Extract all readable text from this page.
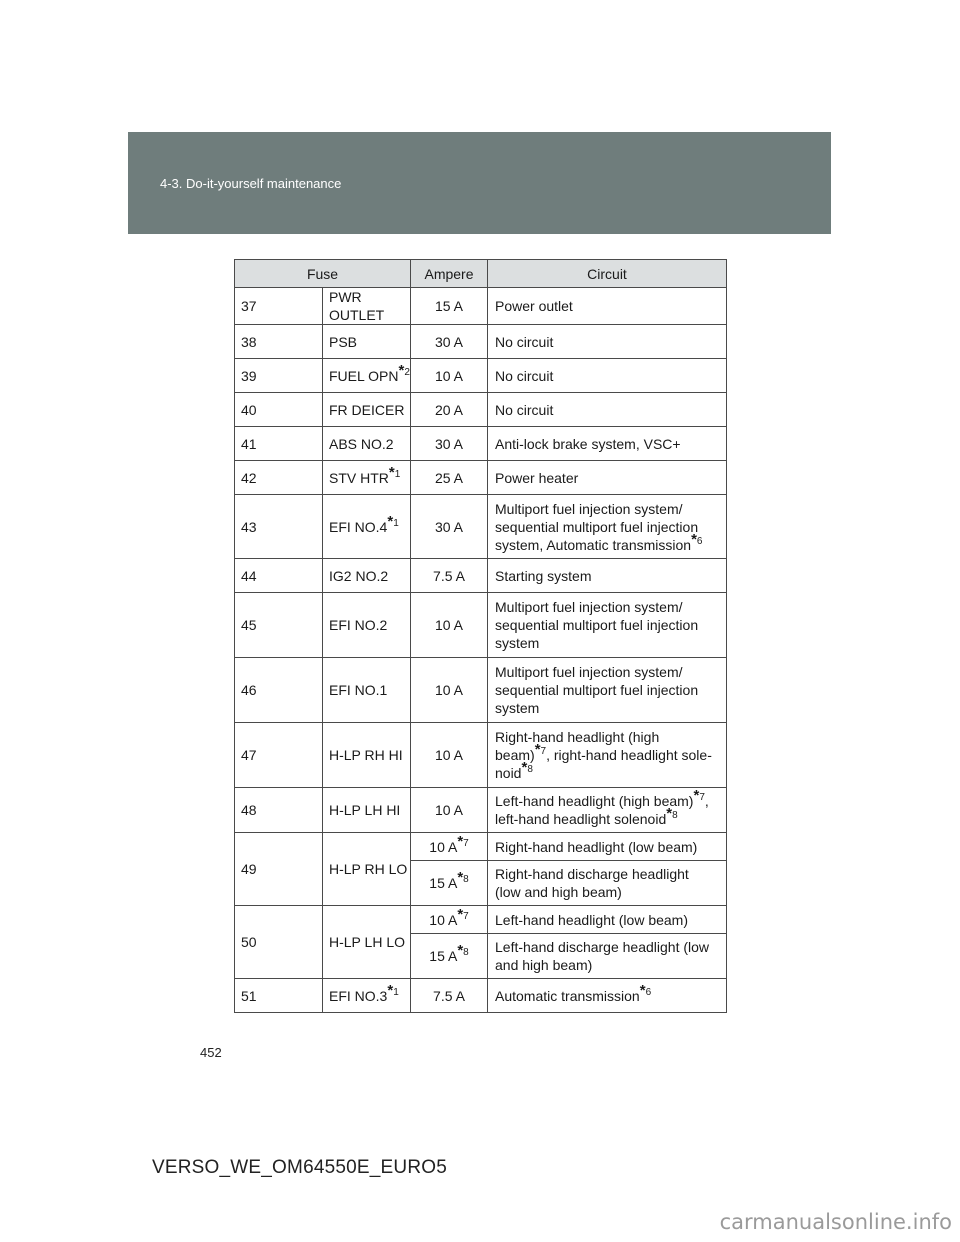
4-3. Do-it-yourself maintenance
Fuse		Ampere	Circuit
37	PWR OUTLET	15 A	Power outlet
38	PSB	30 A	No circuit
39	FUEL OPN$^{*2}$	10 A	No circuit
40	FR DEICER	20 A	No circuit
41	ABS NO.2	30 A	Anti-lock brake system, VSC+
42	STV HTR$^{*1}$	25 A	Power heater
43	EFI NO.4$^{*1}$	30 A	Multiport fuel injection system/ sequential multiport fuel injection system, Automatic transmission$^{*6}$
44	IG2 NO.2	7.5 A	Starting system
45	EFI NO.2	10 A	Multiport fuel injection system/ sequential multiport fuel injection system
46	EFI NO.1	10 A	Multiport fuel injection system/ sequential multiport fuel injection system
47	H-LP RH HI	10 A	Right-hand headlight (high beam)$^{*7}$, right-hand headlight sole-noid$^{*8}$
48	H-LP LH HI	10 A	Left-hand headlight (high beam)$^{*7}$, left-hand headlight solenoid$^{*8}$
49	H-LP RH LO	10 A$^{*7}$	Right-hand headlight (low beam)
		15 A$^{*8}$	Right-hand discharge headlight (low and high beam)
50	H-LP LH LO	10 A$^{*7}$	Left-hand headlight (low beam)
		15 A$^{*8}$	Left-hand discharge headlight (low and high beam)
51	EFI NO.3$^{*1}$	7.5 A	Automatic transmission$^{*6}$
452
VERSO_WE_OM64550E_EURO5
carmanualsonline.info
